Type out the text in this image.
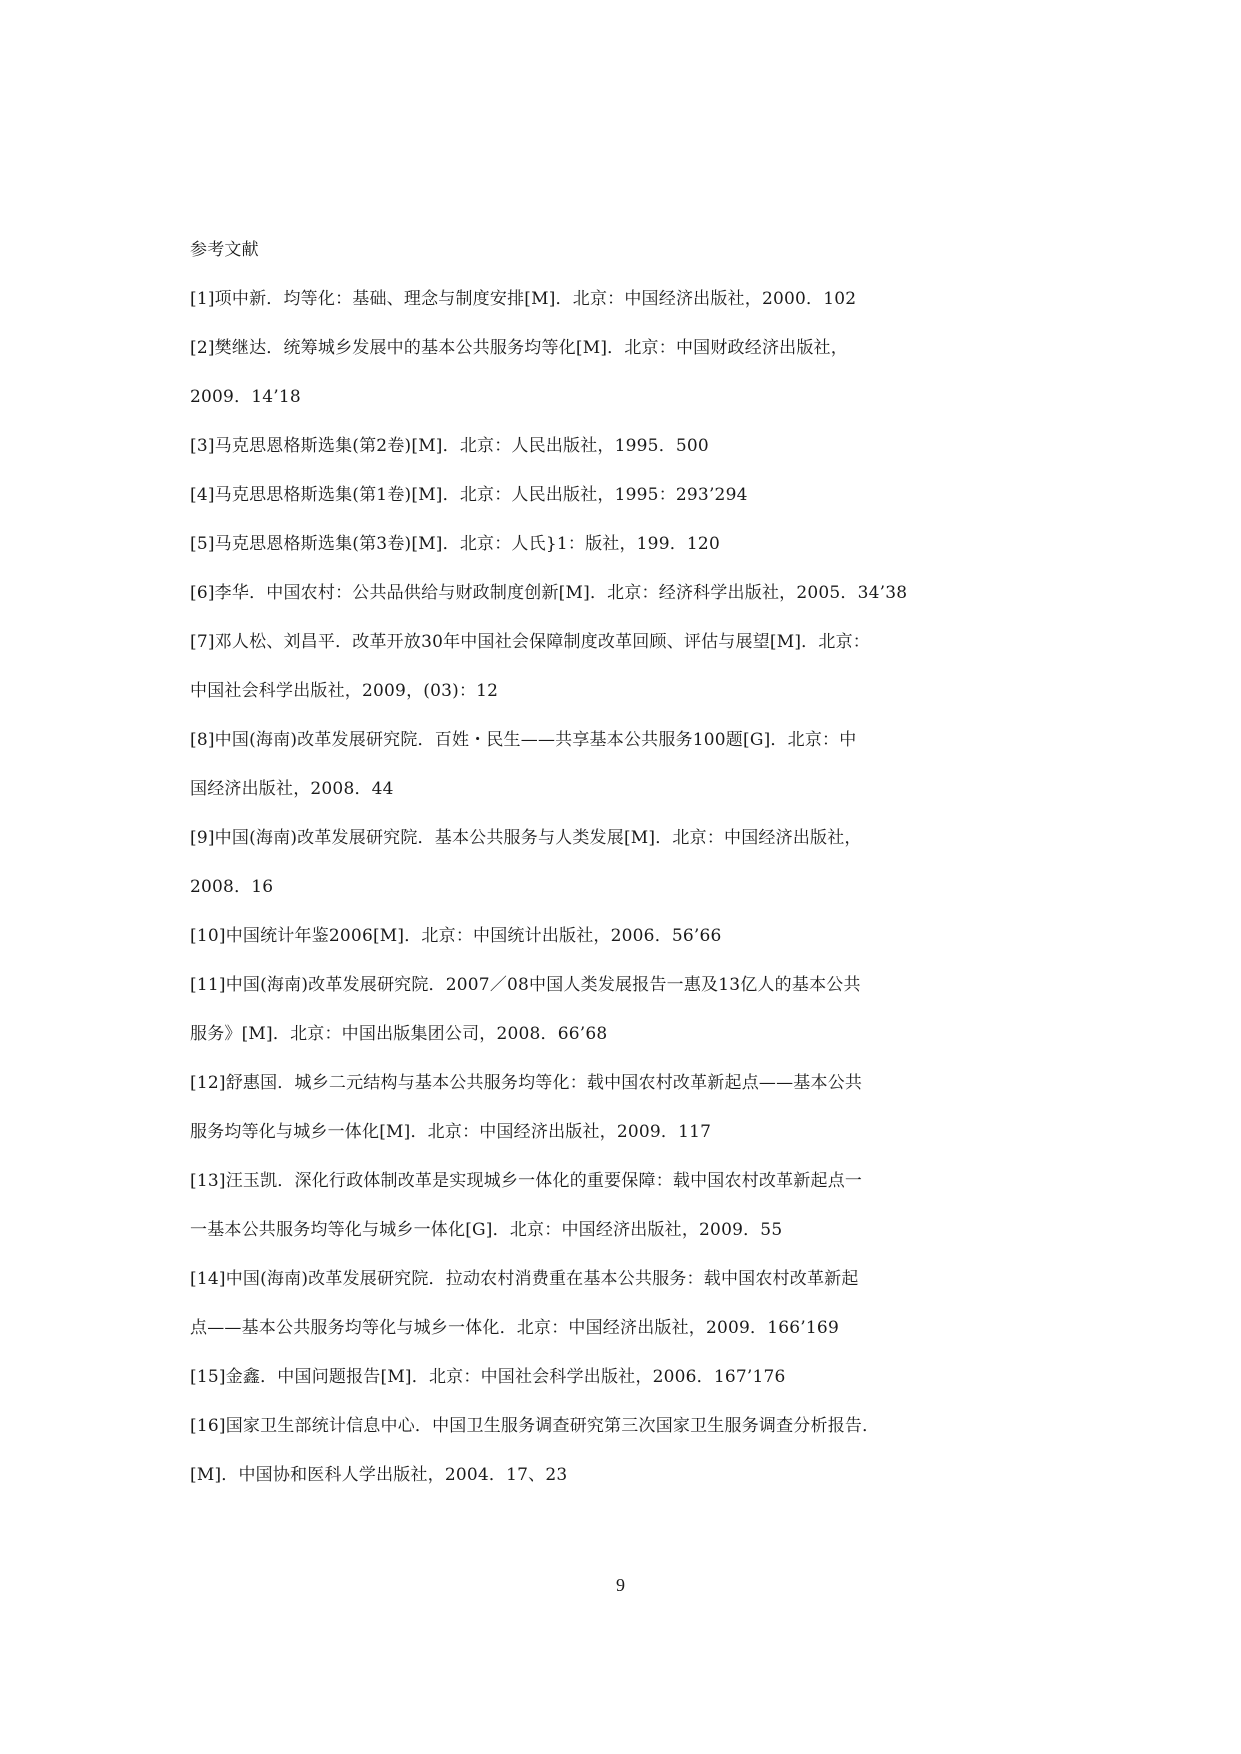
参考文献
[1]项中新．均等化：基础、理念与制度安排[M]．北京：中国经济出版社，2000．102
[2]樊继达．统筹城乡发展中的基本公共服务均等化[M]．北京：中国财政经济出版社，
2009．14’18
[3]马克思恩格斯选集(第2卷)[M]．北京：人民出版社，1995．500
[4]马克思思格斯选集(第1卷)[M]．北京：人民出版社，1995：293’294
[5]马克思恩格斯选集(第3卷)[M]．北京：人氏}1：版社，199．120
[6]李华．中国农村：公共品供给与财政制度创新[M]．北京：经济科学出版社，2005．34’38
[7]邓人松、刘昌平．改革开放30年中国社会保障制度改革回顾、评估与展望[M]．北京：
中国社会科学出版社，2009，(03)：12
[8]中国(海南)改革发展研究院．百姓・民生——共享基本公共服务100题[G]．北京：中
国经济出版社，2008．44
[9]中国(海南)改革发展研究院．基本公共服务与人类发展[M]．北京：中国经济出版社，
2008．16
[10]中国统计年鉴2006[M]．北京：中国统计出版社，2006．56’66
[11]中国(海南)改革发展研究院．2007／08中国人类发展报告一惠及13亿人的基本公共
服务》[M]．北京：中国出版集团公司，2008．66’68
[12]舒惠国．城乡二元结构与基本公共服务均等化：载中国农村改革新起点——基本公共
服务均等化与城乡一体化[M]．北京：中国经济出版社，2009．117
[13]汪玉凯．深化行政体制改革是实现城乡一体化的重要保障：载中国农村改革新起点一
一基本公共服务均等化与城乡一体化[G]．北京：中国经济出版社，2009．55
[14]中国(海南)改革发展研究院．拉动农村消费重在基本公共服务：载中国农村改革新起
点——基本公共服务均等化与城乡一体化．北京：中国经济出版社，2009．166’169
[15]金鑫．中国问题报告[M]．北京：中国社会科学出版社，2006．167’176
[16]国家卫生部统计信息中心．中国卫生服务调查研究第三次国家卫生服务调查分析报告．
[M]．中国协和医科人学出版社，2004．17、23
9
